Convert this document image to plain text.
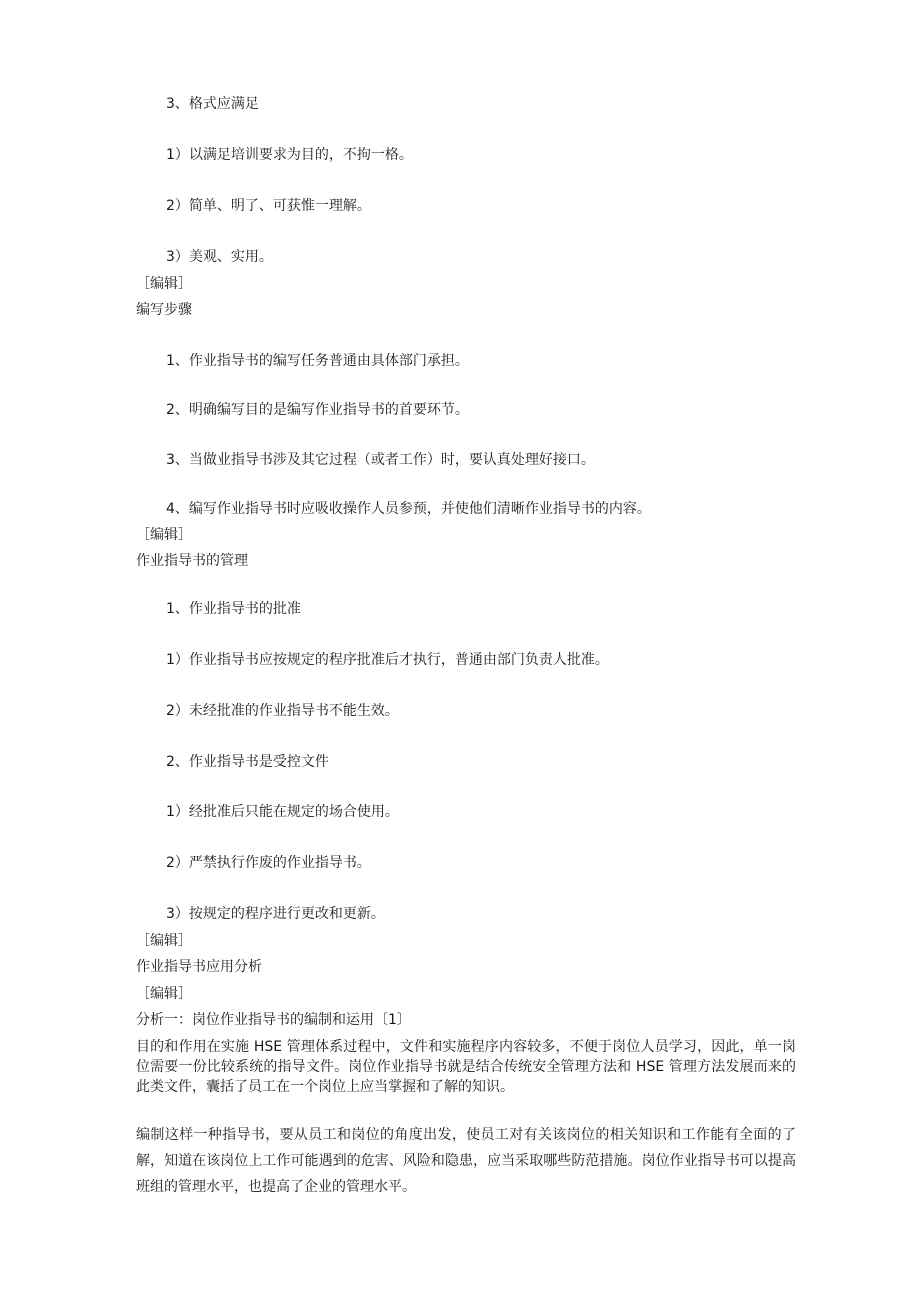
3、格式应满足
1）以满足培训要求为目的，不拘一格。
2）简单、明了、可获惟一理解。
3）美观、实用。
［编辑］
编写步骤
1、作业指导书的编写任务普通由具体部门承担。
2、明确编写目的是编写作业指导书的首要环节。
3、当做业指导书涉及其它过程（或者工作）时，要认真处理好接口。
4、编写作业指导书时应吸收操作人员参预，并使他们清晰作业指导书的内容。
［编辑］
作业指导书的管理
1、作业指导书的批准
1）作业指导书应按规定的程序批准后才执行，普通由部门负责人批准。
2）未经批准的作业指导书不能生效。
2、作业指导书是受控文件
1）经批准后只能在规定的场合使用。
2）严禁执行作废的作业指导书。
3）按规定的程序进行更改和更新。
［编辑］
作业指导书应用分析
［编辑］
分析一：岗位作业指导书的编制和运用〔1〕
目的和作用在实施 HSE 管理体系过程中，文件和实施程序内容较多，不便于岗位人员学习，因此，单一岗位需要一份比较系统的指导文件。岗位作业指导书就是结合传统安全管理方法和 HSE 管理方法发展而来的此类文件，囊括了员工在一个岗位上应当掌握和了解的知识。
编制这样一种指导书，要从员工和岗位的角度出发，使员工对有关该岗位的相关知识和工作能有全面的了解，知道在该岗位上工作可能遇到的危害、风险和隐患，应当采取哪些防范措施。岗位作业指导书可以提高班组的管理水平，也提高了企业的管理水平。
